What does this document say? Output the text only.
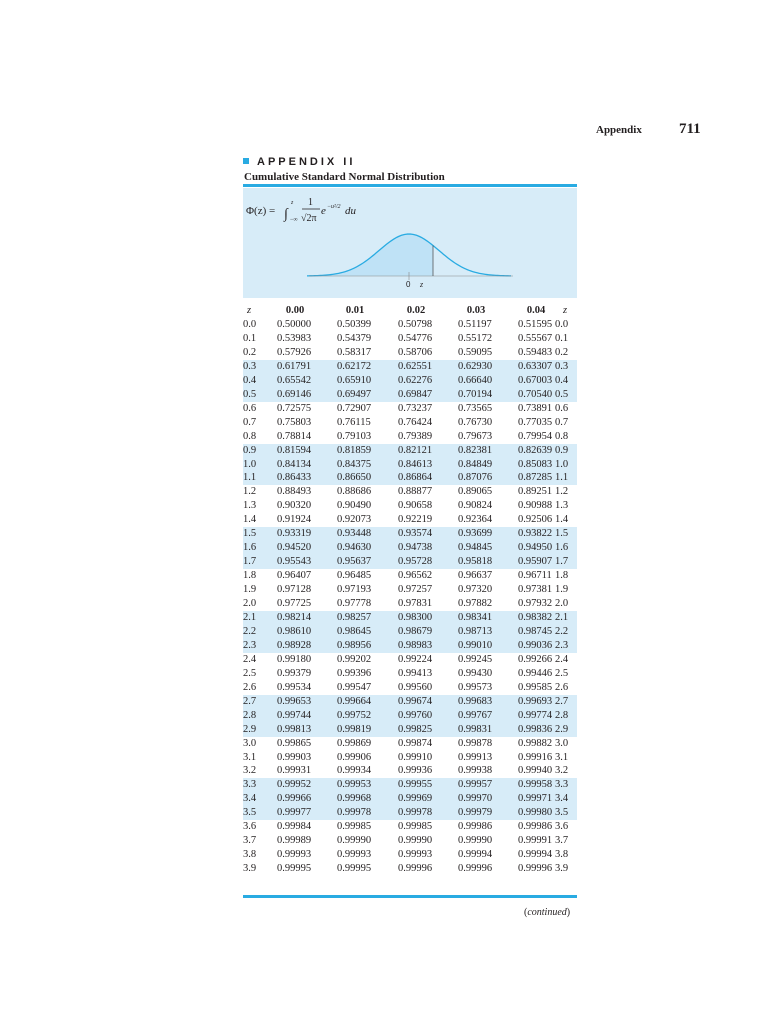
Appendix 711
APPENDIX II
Cumulative Standard Normal Distribution
Φ(z) = ∫
z
−∞
1
√2π
e −u²/2 du
0 z
z	0.00	0.01	0.02	0.03	0.04	z
0.0 0.50000 0.50399	0.50798 0.51197	0.51595 0.0
0.1 0.53983 0.54379	0.54776 0.55172 0.55567 0.1
0.2 0.57926 0.58317	0.58706 0.59095 0.59483 0.2
0.3 0.61791 0.62172	0.62551 0.62930 0.63307 0.3
0.4 0.65542 0.65910	0.62276 0.66640 0.67003 0.4
0.5 0.69146 0.69497	0.69847 0.70194 0.70540 0.5
0.6 0.72575 0.72907	0.73237 0.73565 0.73891 0.6
0.7 0.75803 0.76115	0.76424 0.76730 0.77035 0.7
0.8 0.78814 0.79103	0.79389 0.79673 0.79954 0.8
0.9 0.81594 0.81859	0.82121 0.82381 0.82639 0.9
1.0 0.84134 0.84375	0.84613 0.84849 0.85083 1.0
1.1 0.86433 0.86650	0.86864 0.87076 0.87285 1.1
1.2 0.88493 0.88686	0.88877 0.89065 0.89251 1.2
1.3 0.90320 0.90490	0.90658 0.90824 0.90988 1.3
1.4 0.91924 0.92073	0.92219 0.92364 0.92506 1.4
1.5 0.93319 0.93448	0.93574 0.93699 0.93822 1.5
1.6 0.94520 0.94630	0.94738 0.94845 0.94950 1.6
1.7 0.95543 0.95637	0.95728 0.95818 0.95907 1.7
1.8 0.96407 0.96485	0.96562 0.96637 0.96711 1.8
1.9 0.97128 0.97193	0.97257 0.97320 0.97381 1.9
2.0 0.97725 0.97778	0.97831 0.97882 0.97932 2.0
2.1 0.98214 0.98257	0.98300 0.98341 0.98382 2.1
2.2 0.98610 0.98645	0.98679 0.98713 0.98745 2.2
2.3 0.98928 0.98956	0.98983 0.99010 0.99036 2.3
2.4 0.99180 0.99202	0.99224 0.99245 0.99266 2.4
2.5 0.99379 0.99396	0.99413 0.99430 0.99446 2.5
2.6 0.99534 0.99547	0.99560 0.99573 0.99585 2.6
2.7 0.99653 0.99664	0.99674 0.99683 0.99693 2.7
2.8 0.99744 0.99752	0.99760 0.99767 0.99774 2.8
2.9 0.99813 0.99819	0.99825 0.99831 0.99836 2.9
3.0 0.99865 0.99869	0.99874 0.99878 0.99882 3.0
3.1 0.99903 0.99906	0.99910 0.99913 0.99916 3.1
3.2 0.99931 0.99934	0.99936 0.99938 0.99940 3.2
3.3 0.99952 0.99953	0.99955 0.99957 0.99958 3.3
3.4 0.99966 0.99968	0.99969 0.99970 0.99971 3.4
3.5 0.99977 0.99978	0.99978 0.99979 0.99980 3.5
3.6 0.99984 0.99985	0.99985 0.99986 0.99986 3.6
3.7 0.99989 0.99990	0.99990 0.99990 0.99991 3.7
3.8 0.99993 0.99993	0.99993 0.99994 0.99994 3.8
3.9 0.99995 0.99995	0.99996 0.99996 0.99996 3.9
(continued)
